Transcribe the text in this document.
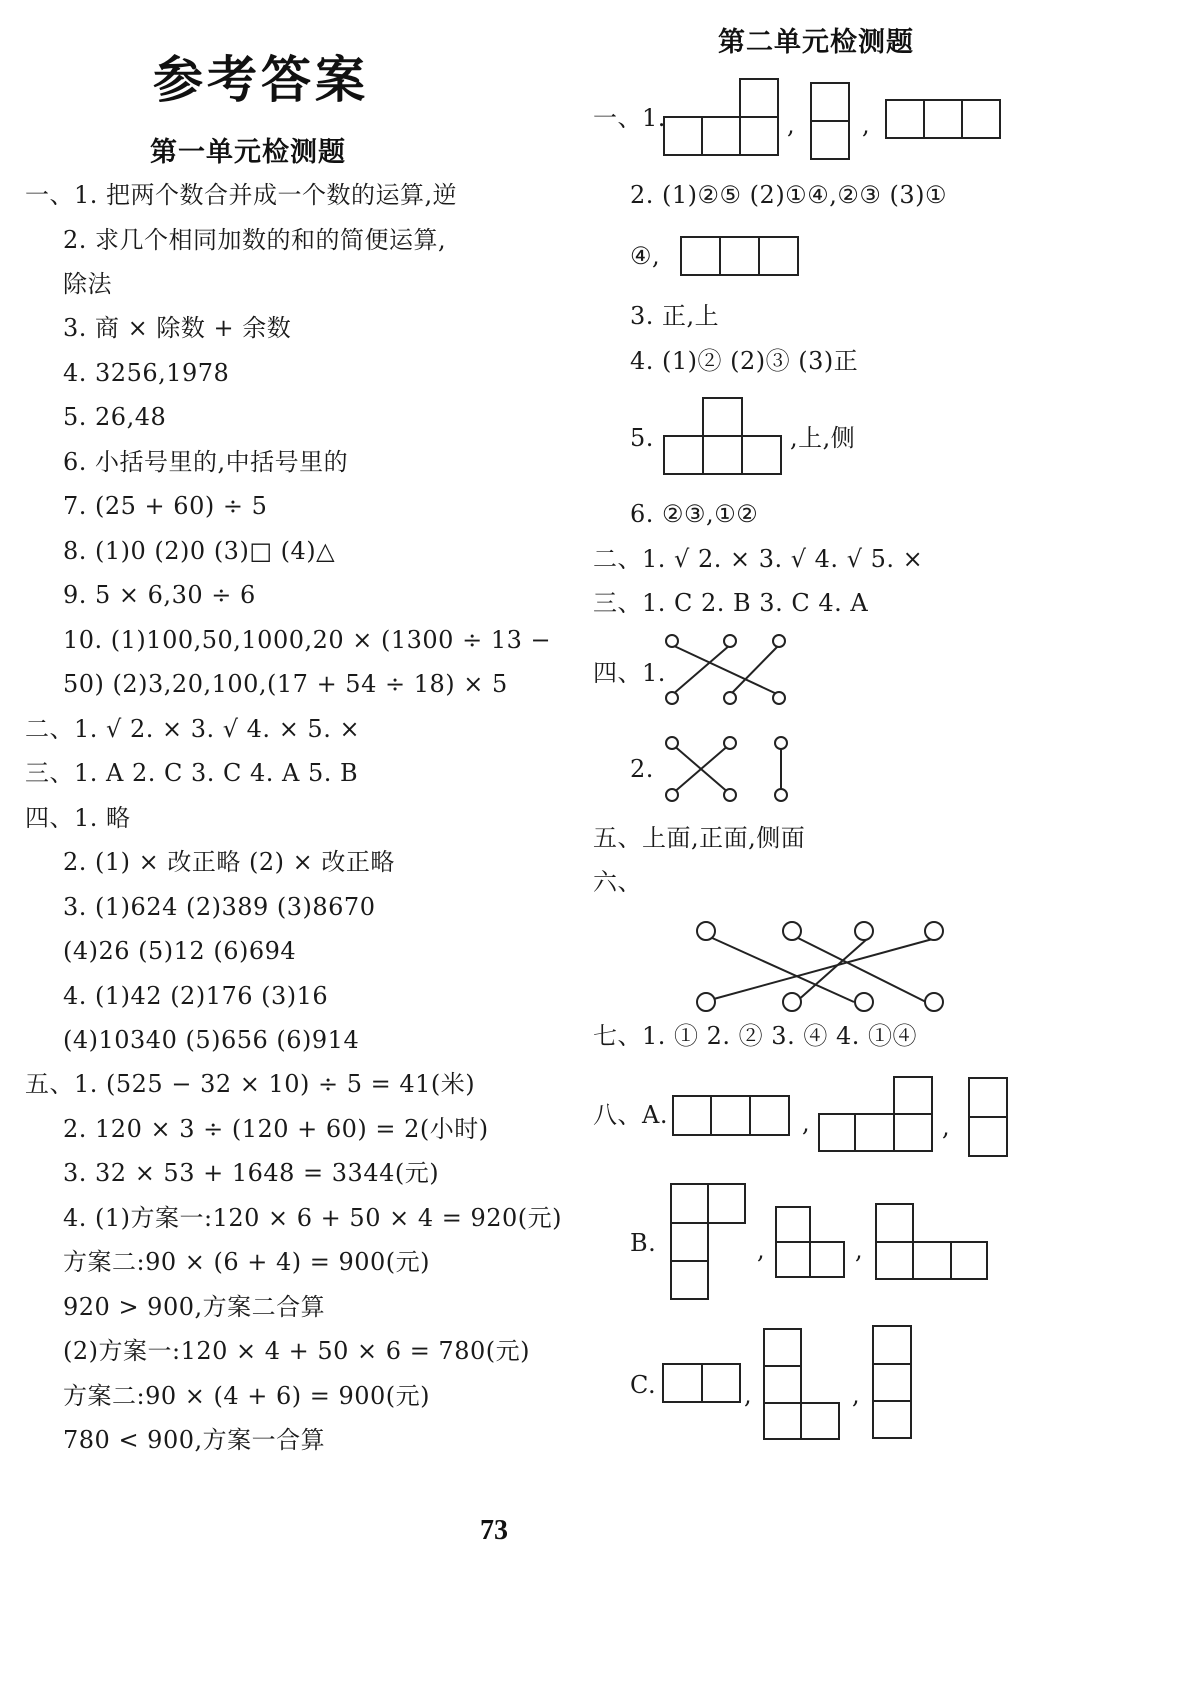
参考答案
第一单元检测题
一、1. 把两个数合并成一个数的运算,逆
2. 求几个相同加数的和的简便运算,
除法
3. 商 × 除数 + 余数
4. 3256,1978
5. 26,48
6. 小括号里的,中括号里的
7. (25 + 60) ÷ 5
8. (1)0 (2)0 (3)□ (4)△
9. 5 × 6,30 ÷ 6
10. (1)100,50,1000,20 × (1300 ÷ 13 −
50) (2)3,20,100,(17 + 54 ÷ 18) × 5
二、1. √ 2. × 3. √ 4. × 5. ×
三、1. A 2. C 3. C 4. A 5. B
四、1. 略
2. (1) × 改正略 (2) × 改正略
3. (1)624 (2)389 (3)8670
(4)26 (5)12 (6)694
4. (1)42 (2)176 (3)16
(4)10340 (5)656 (6)914
五、1. (525 − 32 × 10) ÷ 5 = 41(米)
2. 120 × 3 ÷ (120 + 60) = 2(小时)
3. 32 × 53 + 1648 = 3344(元)
4. (1)方案一:120 × 6 + 50 × 4 = 920(元)
方案二:90 × (6 + 4) = 900(元)
920 > 900,方案二合算
(2)方案一:120 × 4 + 50 × 6 = 780(元)
方案二:90 × (4 + 6) = 900(元)
780 < 900,方案一合算
第二单元检测题
一、1.	,	,
2. (1)②⑤ (2)①④,②③ (3)①
④,
3. 正,上
4. (1)② (2)③ (3)正
5.	,上,侧
6. ②③,①②
二、1. √ 2. × 3. √ 4. √ 5. ×
三、1. C 2. B 3. C 4. A
四、1.
2.
五、上面,正面,侧面
六、
七、1. ① 2. ② 3. ④ 4. ①④
八、A.	,	,
B.	,	,
C.	,	,
73
